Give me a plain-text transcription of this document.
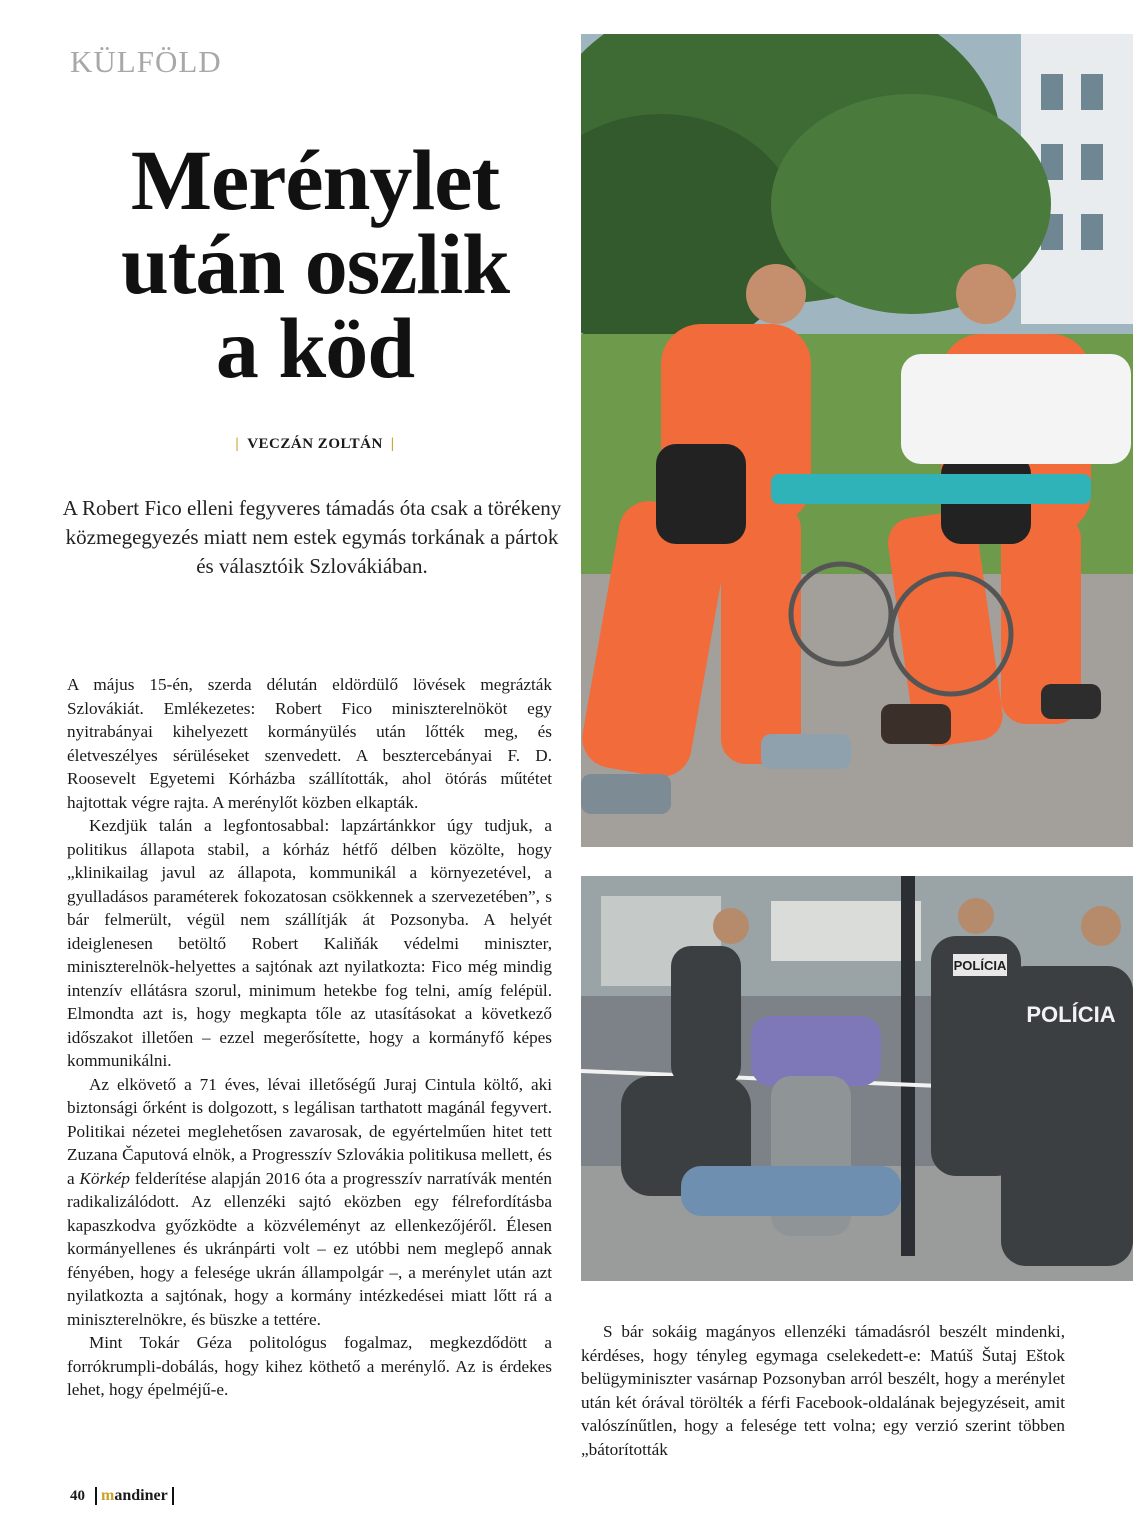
KÜLFÖLD
Merénylet
után oszlik
a köd
| VECZÁN ZOLTÁN |
A Robert Fico elleni fegyveres támadás óta csak a törékeny közmegegyezés miatt nem estek egymás torkának a pártok és választóik Szlovákiában.

A május 15-én, szerda délután eldördülő lövések megrázták Szlovákiát. Emlékezetes: Robert Fico miniszterelnököt egy nyitrabányai kihelyezett kormányülés után lőtték meg, és életveszélyes sérüléseket szenvedett. A besztercebányai F. D. Roosevelt Egyetemi Kórházba szállították, ahol ötórás műtétet hajtottak végre rajta. A merénylőt közben elkapták.

Kezdjük talán a legfontosabbal: lapzártánkkor úgy tudjuk, a politikus állapota stabil, a kórház hétfő délben közölte, hogy „klinikailag javul az állapota, kommunikál a környezetével, a gyulladásos paraméterek fokozatosan csökkennek a szervezetében”, s bár felmerült, végül nem szállítják át Pozsonyba. A helyét ideiglenesen betöltő Robert Kaliňák védelmi miniszter, miniszterelnök-helyettes a sajtónak azt nyilatkozta: Fico még mindig intenzív ellátásra szorul, minimum hetekbe fog telni, amíg felépül. Elmondta azt is, hogy megkapta tőle az utasításokat a következő időszakot illetően – ezzel megerősítette, hogy a kormányfő képes kommunikálni.

Az elkövető a 71 éves, lévai illetőségű Juraj Cintula költő, aki biztonsági őrként is dolgozott, s legálisan tarthatott magánál fegyvert. Politikai nézetei meglehetősen zavarosak, de egyértelműen hitet tett Zuzana Čaputová elnök, a Progresszív Szlovákia politikusa mellett, és a Körkép felderítése alapján 2016 óta a progresszív narratívák mentén radikalizálódott. Az ellenzéki sajtó eközben egy félrefordításba kapaszkodva győzködte a közvéleményt az ellenkezőjéről. Élesen kormányellenes és ukránpárti volt – ez utóbbi nem meglepő annak fényében, hogy a felesége ukrán állampolgár –, a merénylet után azt nyilatkozta a sajtónak, hogy a kormány intézkedései miatt lőtt rá a miniszterelnökre, és büszke a tettére.

Mint Tokár Géza politológus fogalmaz, megkezdődött a forrókrumpli-dobálás, hogy kihez köthető a merénylő. Az is érdekes lehet, hogy épelméjű-e.

POLÍCIA
POLÍCIA
S bár sokáig magányos ellenzéki támadásról beszélt mindenki, kérdéses, hogy tényleg egymaga cselekedett-e: Matúš Šutaj Eštok belügyminiszter vasárnap Pozsonyban arról beszélt, hogy a merénylet után két órával törölték a férfi Facebook-oldalának bejegyzéseit, amit valószínűtlen, hogy a felesége tett volna; egy verzió szerint többen „bátorították
40	mandiner
